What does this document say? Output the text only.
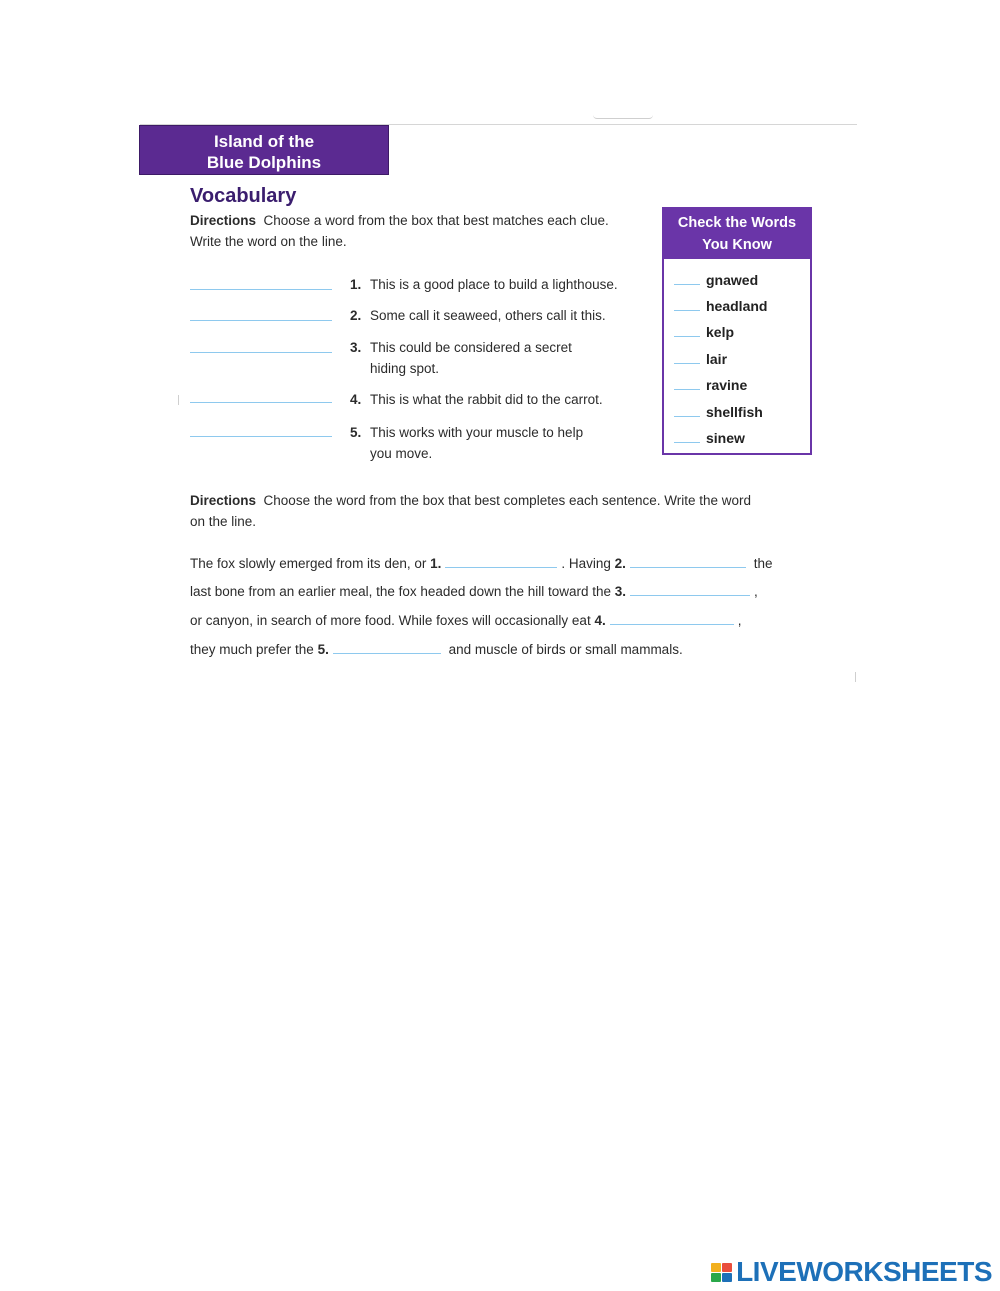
Island of the
Blue Dolphins
Vocabulary
Directions Choose a word from the box that best matches each clue.
Write the word on the line.
1. This is a good place to build a lighthouse.
2. Some call it seaweed, others call it this.
3. This could be considered a secret
hiding spot.
4. This is what the rabbit did to the carrot.
5. This works with your muscle to help
you move.
Check the Words
You Know
gnawed
headland
kelp
lair
ravine
shellfish
sinew
Directions Choose the word from the box that best completes each sentence. Write the word
on the line.
The fox slowly emerged from its den, or 1.	. Having 2.	the
last bone from an earlier meal, the fox headed down the hill toward the 3.	,
or canyon, in search of more food. While foxes will occasionally eat 4.	,
they much prefer the 5.	and muscle of birds or small mammals.
LIVEWORKSHEETS
